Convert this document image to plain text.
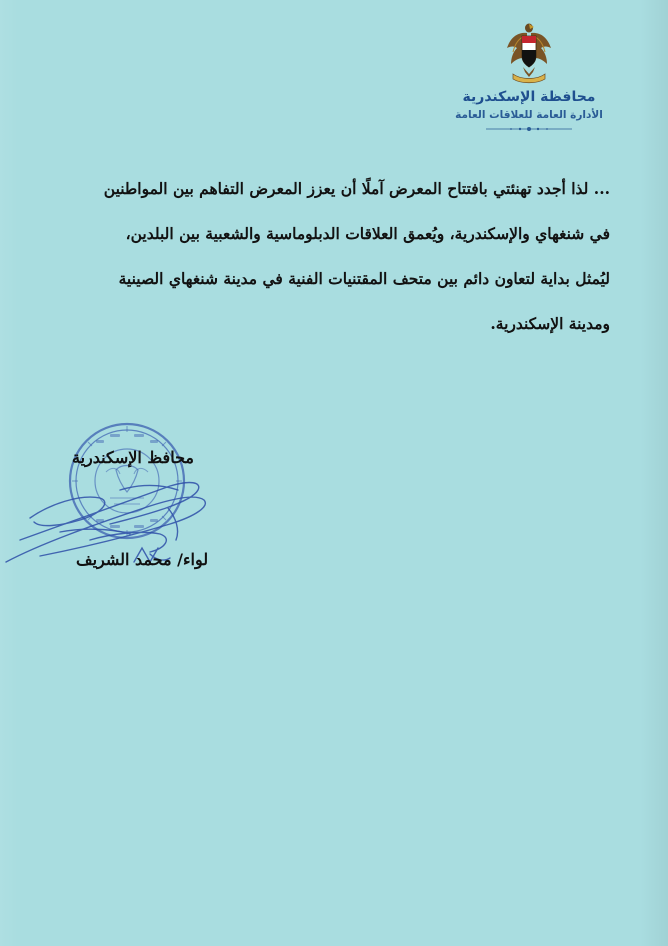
محافظة الإسكندرية
الأدارة العامة للعلاقات العامة
... لذا أجدد تهنئتي بافتتاح المعرض آملًا أن يعزز المعرض التفاهم بين المواطنين
في شنغهاي والإسكندرية، ويُعمق العلاقات الدبلوماسية والشعبية بين البلدين،
ليُمثل بداية لتعاون دائم بين متحف المقتنيات الفنية في مدينة شنغهاي الصينية
ومدينة الإسكندرية.
محافظ الإسكندرية
لواء/ محمد الشريف
